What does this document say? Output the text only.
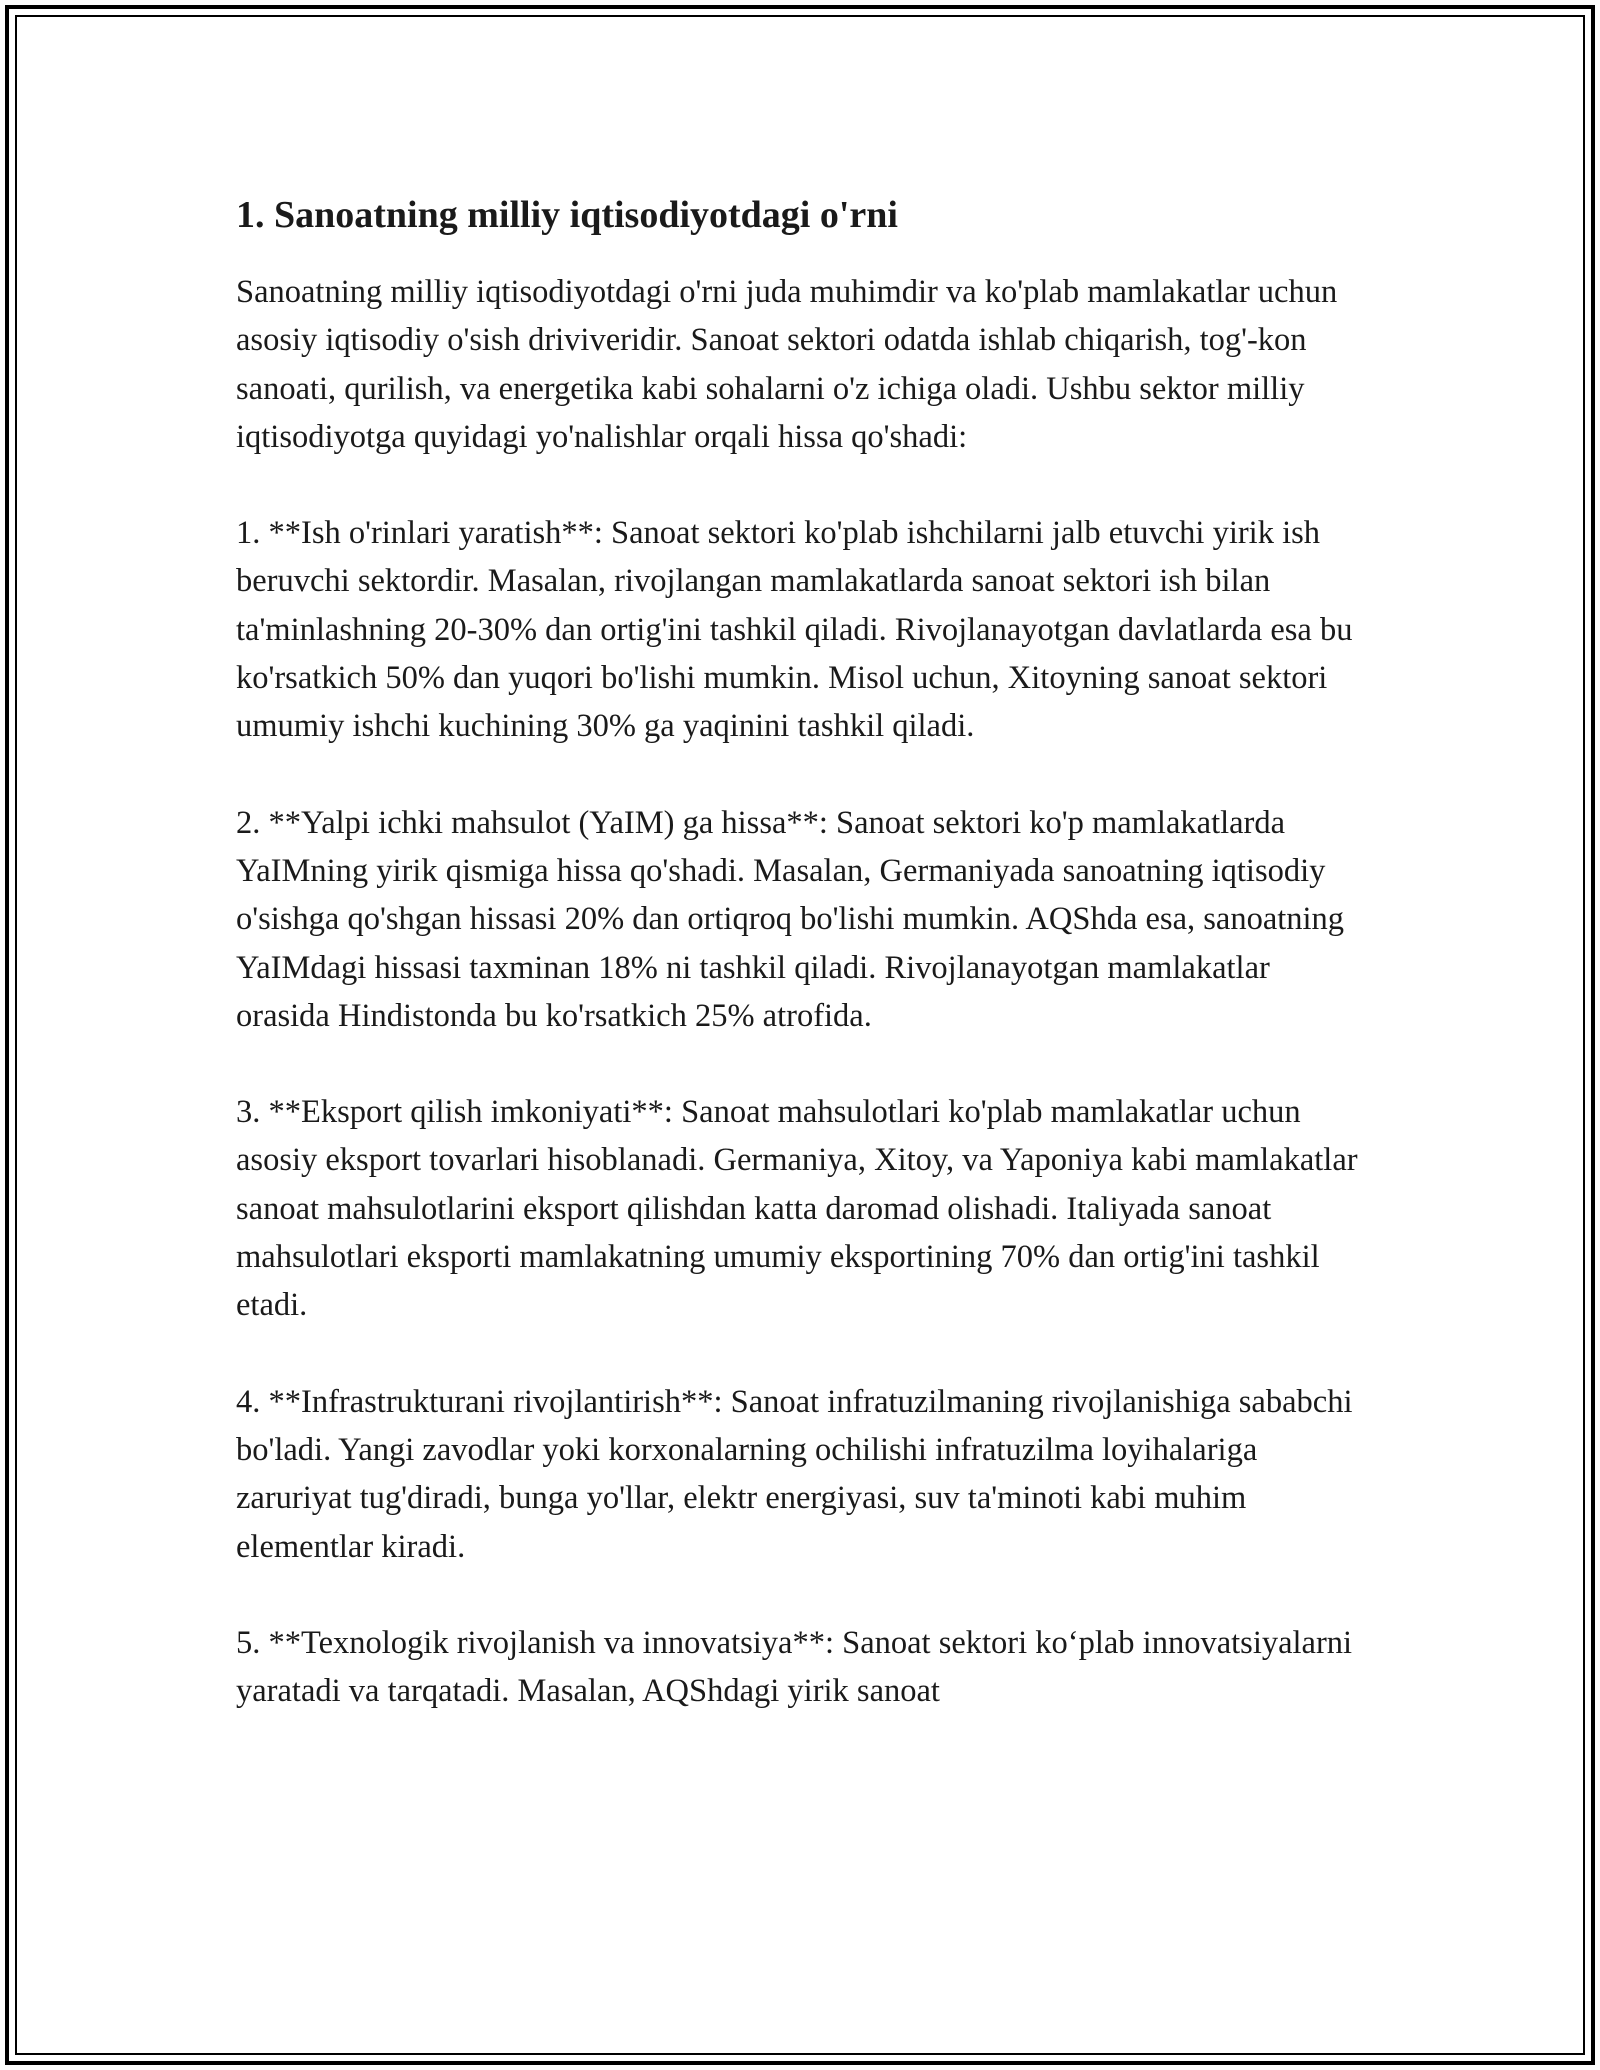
1. Sanoatning milliy iqtisodiyotdagi o'rni

Sanoatning milliy iqtisodiyotdagi o'rni juda muhimdir va ko'plab mamlakatlar uchun asosiy iqtisodiy o'sish driviveridir. Sanoat sektori odatda ishlab chiqarish, tog'-kon sanoati, qurilish, va energetika kabi sohalarni o'z ichiga oladi. Ushbu sektor milliy iqtisodiyotga quyidagi yo'nalishlar orqali hissa qo'shadi:

1. **Ish o'rinlari yaratish**: Sanoat sektori ko'plab ishchilarni jalb etuvchi yirik ish beruvchi sektordir. Masalan, rivojlangan mamlakatlarda sanoat sektori ish bilan ta'minlashning 20-30% dan ortig'ini tashkil qiladi. Rivojlanayotgan davlatlarda esa bu ko'rsatkich 50% dan yuqori bo'lishi mumkin. Misol uchun, Xitoyning sanoat sektori umumiy ishchi kuchining 30% ga yaqinini tashkil qiladi.

2. **Yalpi ichki mahsulot (YaIM) ga hissa**: Sanoat sektori ko'p mamlakatlarda YaIMning yirik qismiga hissa qo'shadi. Masalan, Germaniyada sanoatning iqtisodiy o'sishga qo'shgan hissasi 20% dan ortiqroq bo'lishi mumkin. AQShda esa, sanoatning YaIMdagi hissasi taxminan 18% ni tashkil qiladi. Rivojlanayotgan mamlakatlar orasida Hindistonda bu ko'rsatkich 25% atrofida.

3. **Eksport qilish imkoniyati**: Sanoat mahsulotlari ko'plab mamlakatlar uchun asosiy eksport tovarlari hisoblanadi. Germaniya, Xitoy, va Yaponiya kabi mamlakatlar sanoat mahsulotlarini eksport qilishdan katta daromad olishadi. Italiyada sanoat mahsulotlari eksporti mamlakatning umumiy eksportining 70% dan ortig'ini tashkil etadi.

4. **Infrastrukturani rivojlantirish**: Sanoat infratuzilmaning rivojlanishiga sababchi bo'ladi. Yangi zavodlar yoki korxonalarning ochilishi infratuzilma loyihalariga zaruriyat tug'diradi, bunga yo'llar, elektr energiyasi, suv ta'minoti kabi muhim elementlar kiradi.

5. **Texnologik rivojlanish va innovatsiya**: Sanoat sektori ko‘plab innovatsiyalarni yaratadi va tarqatadi. Masalan, AQShdagi yirik sanoat
